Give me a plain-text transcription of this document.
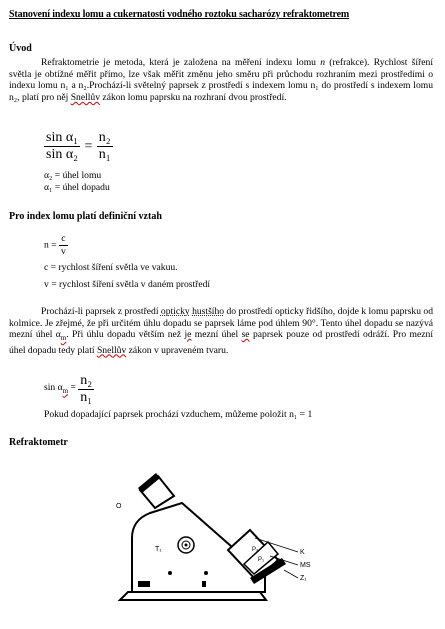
Stanovení indexu lomu a cukernatosti vodného roztoku sacharózy refraktometrem
Úvod
Refraktometrie je metoda, která je založena na měření indexu lomu n (refrakce). Rychlost šíření světla je obtížné měřit přímo, lze však měřit změnu jeho směru při průchodu rozhraním mezi prostředími o indexu lomu n₁ a n₂.Prochází-li světelný paprsek z prostředí s indexem lomu n₁ do prostředí s indexem lomu n₂, platí pro něj Snellův zákon lomu paprsku na rozhraní dvou prostředí.
$\frac{\text{sin α₁}}{\text{sin α₂}} = \frac{\text{n₂}}{\text{n₁}}$
α₂ = úhel lomu
α₁ = úhel dopadu
Pro index lomu platí definiční vztah
$n = \frac{c}{v}$
c = rychlost šíření světla ve vakuu.
v = rychlost šíření světla v daném prostředí
Prochází-li paprsek z prostředí opticky hustšího do prostředí opticky řidšího, dojde k lomu paprsku od kolmice. Je zřejmé, že při určitém úhlu dopadu se paprsek láme pod úhlem 90°. Tento úhel dopadu se nazývá mezní úhel $\alpha_m$. Při úhlu dopadu větším než je mezní úhel se paprsek pouze od prostředí odráží. Pro mezní úhel dopadu tedy platí Snellův zákon v upraveném tvaru.
$\sin \alpha_m = \frac{\text{n₂}}{\text{n₁}}$
Pokud dopadající paprsek prochází vzduchem, můžeme položit n₁ = 1
Refraktometr
O
T₁	P₂
P₁
K
MS
Z₁
